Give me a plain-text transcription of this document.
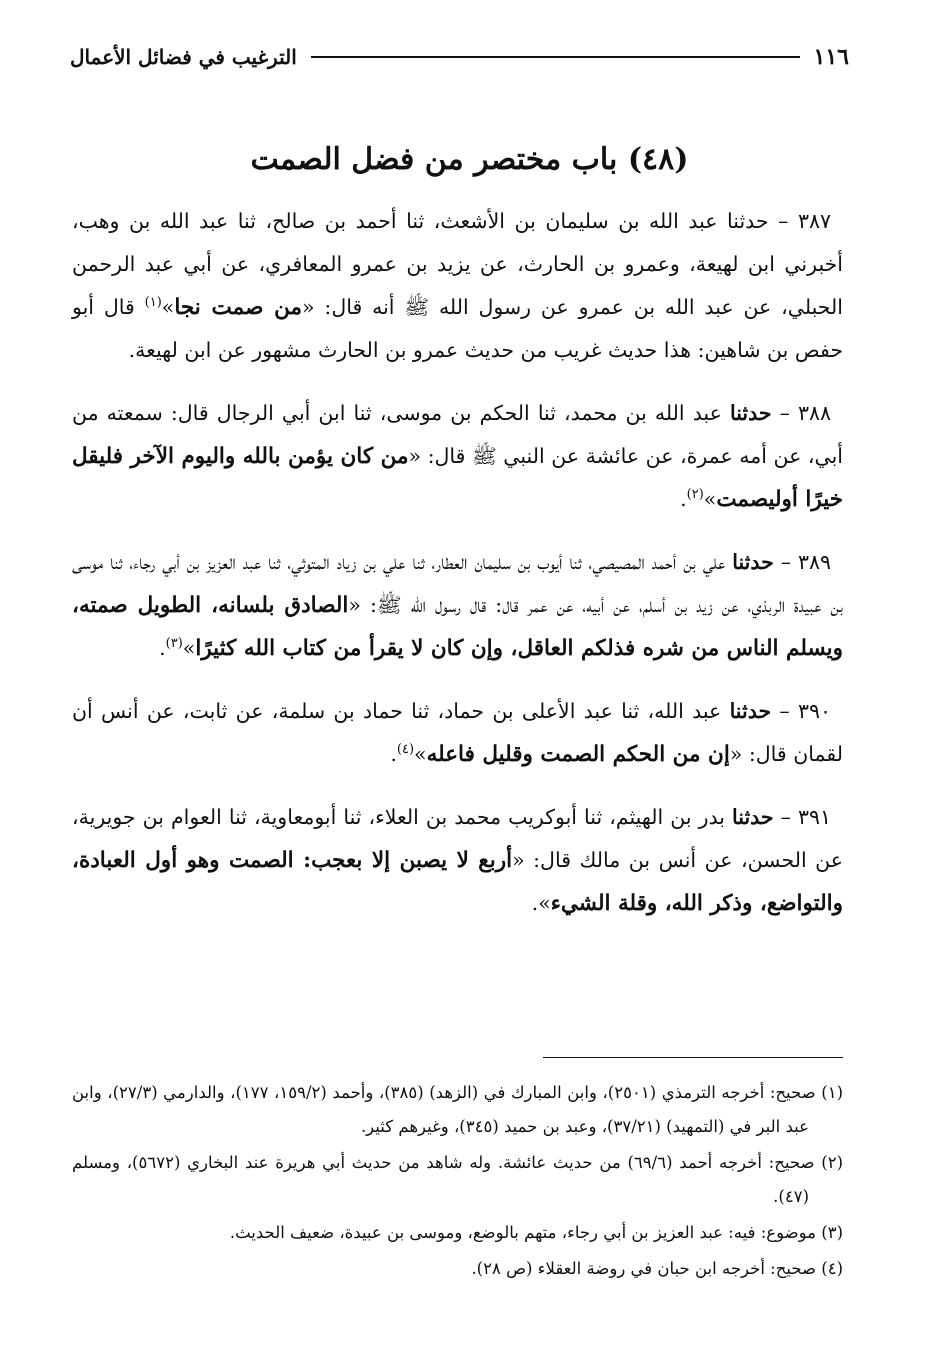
١١٦
الترغيب في فضائل الأعمال
(٤٨) باب مختصر من فضل الصمت

٣٨٧ – حدثنا عبد الله بن سليمان بن الأشعث، ثنا أحمد بن صالح، ثنا عبد الله بن وهب، أخبرني ابن لهيعة، وعمرو بن الحارث، عن يزيد بن عمرو المعافري، عن أبي عبد الرحمن الحبلي، عن عبد الله بن عمرو عن رسول الله ﷺ أنه قال: «من صمت نجا»$^{(١)}$ قال أبو حفص بن شاهين: هذا حديث غريب من حديث عمرو بن الحارث مشهور عن ابن لهيعة.

٣٨٨ – حدثنا عبد الله بن محمد، ثنا الحكم بن موسى، ثنا ابن أبي الرجال قال: سمعته من أبي، عن أمه عمرة، عن عائشة عن النبي ﷺ قال: «من كان يؤمن بالله واليوم الآخر فليقل خيرًا أوليصمت»$^{(٢)}$.

٣٨٩ – حدثنا علي بن أحمد المصيصي، ثنا أيوب بن سليمان العطار، ثنا علي بن زياد المتوثي، ثنا عبد العزيز بن أبي رجاء، ثنا موسى بن عبيدة الربذي، عن زيد بن أسلم، عن أبيه، عن عمر قال: قال رسول الله ﷺ: «الصادق بلسانه، الطويل صمته، ويسلم الناس من شره فذلكم العاقل، وإن كان لا يقرأ من كتاب الله كثيرًا»$^{(٣)}$.

٣٩٠ – حدثنا عبد الله، ثنا عبد الأعلى بن حماد، ثنا حماد بن سلمة، عن ثابت، عن أنس أن لقمان قال: «إن من الحكم الصمت وقليل فاعله»$^{(٤)}$.

٣٩١ – حدثنا بدر بن الهيثم، ثنا أبوكريب محمد بن العلاء، ثنا أبومعاوية، ثنا العوام بن جويرية، عن الحسن، عن أنس بن مالك قال: «أربع لا يصبن إلا بعجب: الصمت وهو أول العبادة، والتواضع، وذكر الله، وقلة الشيء».

(١) صحيح: أخرجه الترمذي (٢٥٠١)، وابن المبارك في (الزهد) (٣٨٥)، وأحمد (١٥٩/٢، ١٧٧)، والدارمي (٢٧/٣)، وابن عبد البر في (التمهيد) (٣٧/٢١)، وعبد بن حميد (٣٤٥)، وغيرهم كثير.

(٢) صحيح: أخرجه أحمد (٦٩/٦) من حديث عائشة. وله شاهد من حديث أبي هريرة عند البخاري (٥٦٧٢)، ومسلم (٤٧).

(٣) موضوع: فيه: عبد العزيز بن أبي رجاء، متهم بالوضع، وموسى بن عبيدة، ضعيف الحديث.

(٤) صحيح: أخرجه ابن حبان في روضة العقلاء (ص ٢٨).
